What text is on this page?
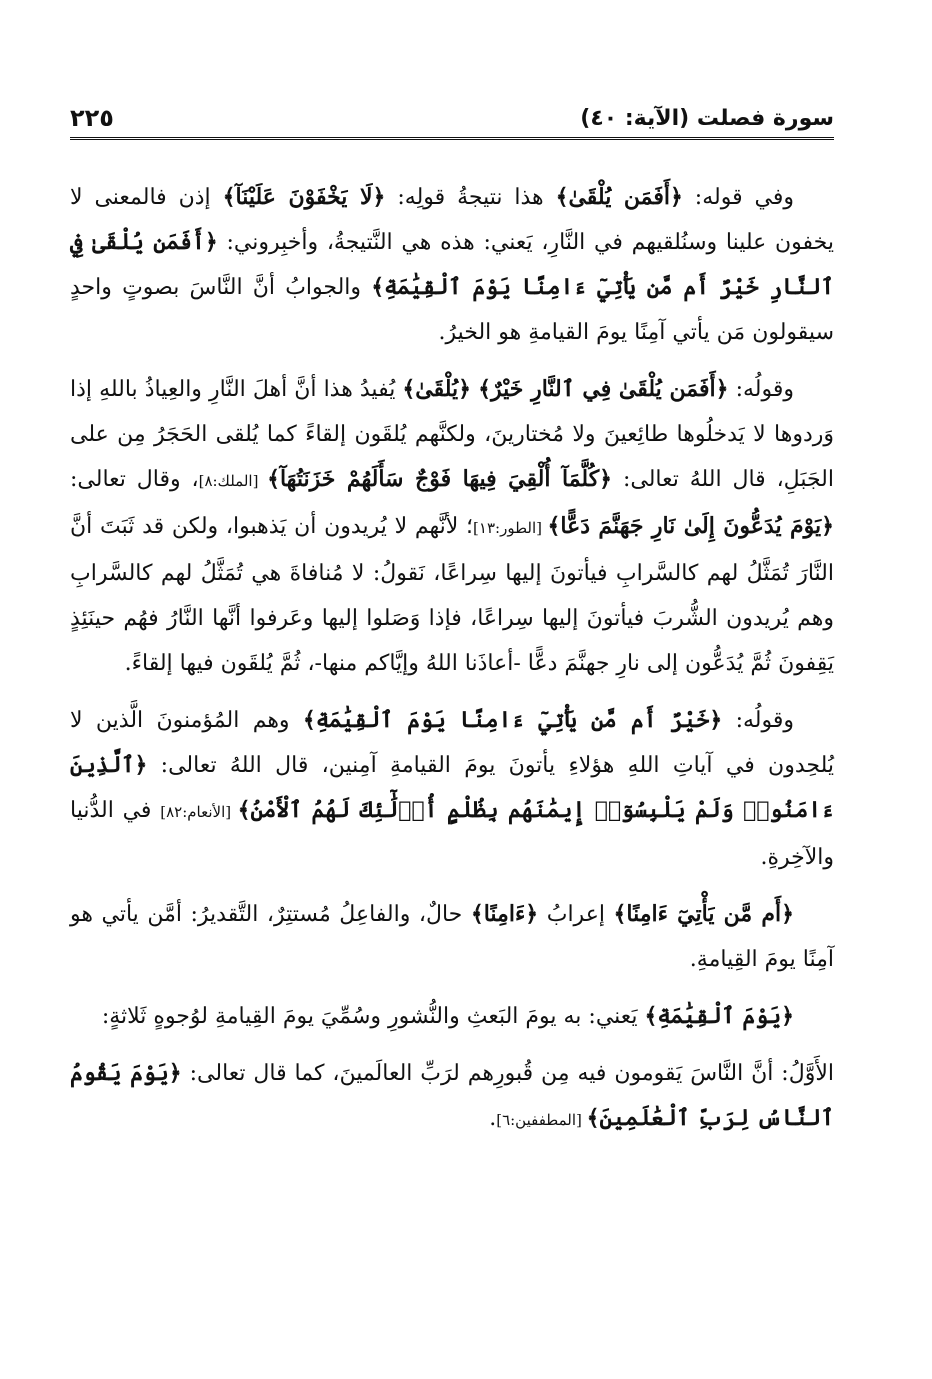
سورة فصلت (الآية: ٤٠)
٢٢٥

وفي قوله: ﴿أَفَمَن يُلْقَىٰ﴾ هذا نتيجةُ قولِه: ﴿لَا يَخْفَوْنَ عَلَيْنَآ﴾ إذن فالمعنى لا يخفون علينا وسنُلقيهم في النَّارِ، يَعني: هذه هي النَّتيجةُ، وأخبِروني: ﴿أَفَمَن يُلْقَىٰ فِي ٱلنَّارِ خَيْرٌ أَم مَّن يَأْتِيٓ ءَامِنًا يَوْمَ ٱلْقِيَٰمَةِ﴾ والجوابُ أنَّ النَّاسَ بصوتٍ واحدٍ سيقولون مَن يأتي آمِنًا يومَ القيامةِ هو الخيرُ.

وقولُه: ﴿أَفَمَن يُلْقَىٰ فِي ٱلنَّارِ خَيْرٌ﴾ ﴿يُلْقَىٰ﴾ يُفيدُ هذا أنَّ أهلَ النَّارِ والعِياذُ باللهِ إذا وَردوها لا يَدخلُوها طائِعينَ ولا مُختارينَ، ولكنَّهم يُلقَون إلقاءً كما يُلقى الحَجَرُ مِن على الجَبَلِ، قال اللهُ تعالى: ﴿كُلَّمَآ أُلْقِيَ فِيهَا فَوْجٌ سَأَلَهُمْ خَزَنَتُهَآ﴾ [الملك:٨]، وقال تعالى: ﴿يَوْمَ يُدَعُّونَ إِلَىٰ نَارِ جَهَنَّمَ دَعًّا﴾ [الطور:١٣]؛ لأنَّهم لا يُريدون أن يَذهبوا، ولكن قد ثَبَتَ أنَّ النَّارَ تُمَثَّلُ لهم كالسَّرابِ فيأتونَ إليها سِراعًا، نَقولُ: لا مُنافاةَ هي تُمَثَّلُ لهم كالسَّرابِ وهم يُريدون الشُّربَ فيأتونَ إليها سِراعًا، فإذا وَصَلوا إليها وعَرفوا أنَّها النَّارُ فهُم حينَئِذٍ يَقِفونَ ثُمَّ يُدَعُّون إلى نارِ جهنَّمَ دعًّا -أعاذَنا اللهُ وإيَّاكم منها-، ثُمَّ يُلقَون فيها إلقاءً.

وقولُه: ﴿خَيْرٌ أَم مَّن يَأْتِيٓ ءَامِنًا يَوْمَ ٱلْقِيَٰمَةِ﴾ وهم المُؤمنونَ الَّذين لا يُلحِدون في آياتِ اللهِ هؤلاءِ يأتونَ يومَ القيامةِ آمِنين، قال اللهُ تعالى: ﴿ٱلَّذِينَ ءَامَنُوا۟ وَلَمْ يَلْبِسُوٓا۟ إِيمَٰنَهُم بِظُلْمٍ أُو۟لَٰٓئِكَ لَهُمُ ٱلْأَمْنُ﴾ [الأنعام:٨٢] في الدُّنيا والآخِرةِ.

﴿أَم مَّن يَأْتِيٓ ءَامِنًا﴾ إعرابُ ﴿ءَامِنًا﴾ حالٌ، والفاعِلُ مُستتِرٌ، التَّقديرُ: أمَّن يأتي هو آمِنًا يومَ القِيامةِ.

﴿يَوْمَ ٱلْقِيَٰمَةِ﴾ يَعني: به يومَ البَعثِ والنُّشورِ وسُمِّيَ يومَ القِيامةِ لوُجوهٍ ثَلاثةٍ:

الأَوَّلُ: أنَّ النَّاسَ يَقومون فيه مِن قُبورِهم لرَبِّ العالَمينَ، كما قال تعالى: ﴿يَوْمَ يَقُومُ ٱلنَّاسُ لِرَبِّ ٱلْعَٰلَمِينَ﴾ [المطففين:٦].
